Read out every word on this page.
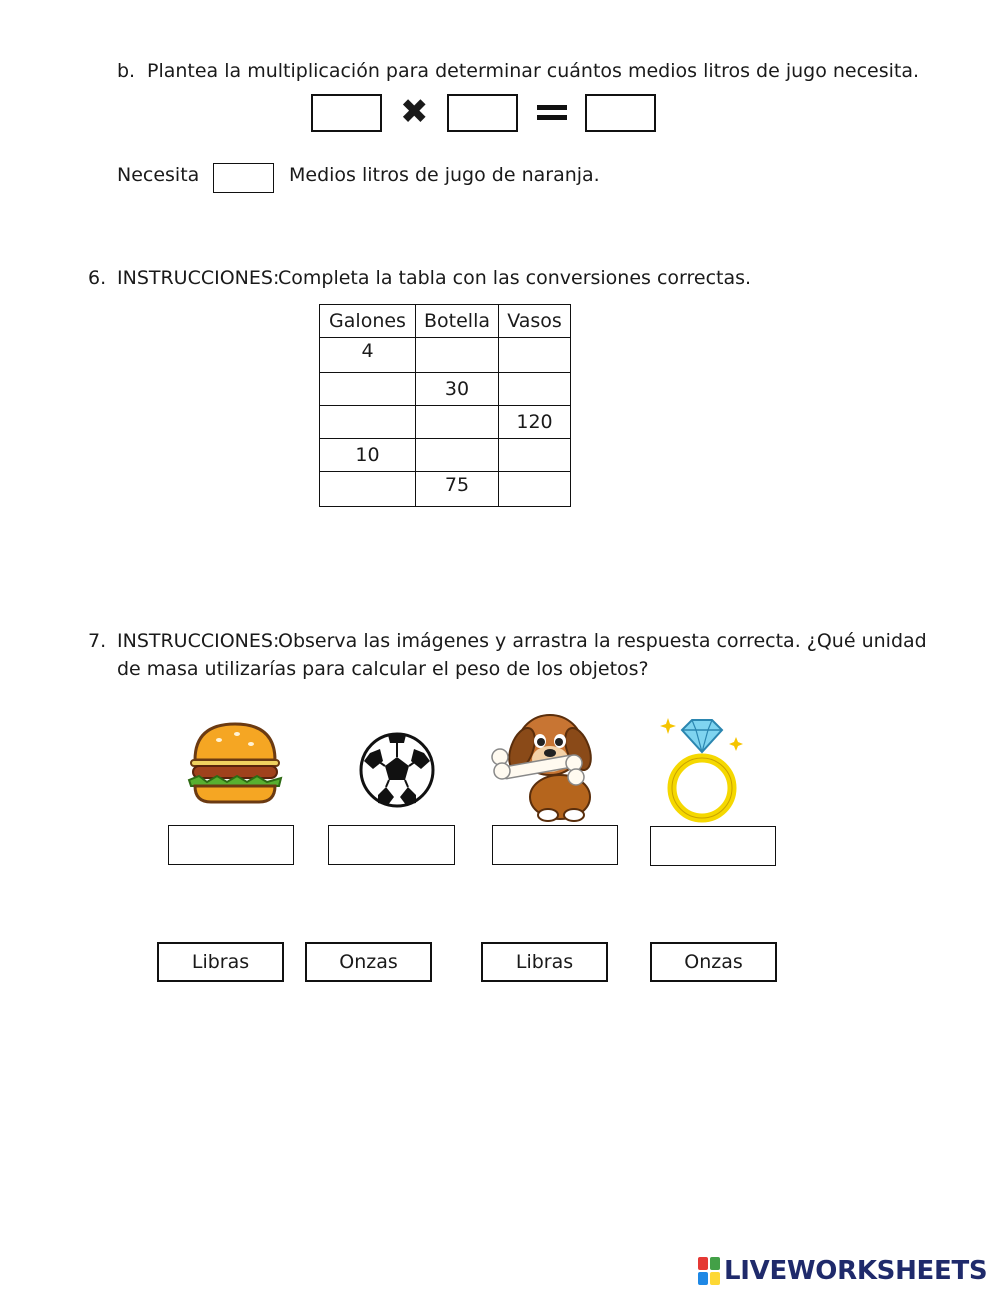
b. Plantea la multiplicación para determinar cuántos medios litros de jugo necesita.
✖
Necesita	Medios litros de jugo de naranja.
6. INSTRUCCIONES:
Completa la tabla con las conversiones correctas.
Galones	Botella	Vasos
4		
	30	
		120
10		
	75	
7. INSTRUCCIONES:
Observa las imágenes y arrastra la respuesta correcta. ¿Qué unidad
de masa utilizarías para calcular el peso de los objetos?
Libras	Onzas	Libras	Onzas
LIVEWORKSHEETS
